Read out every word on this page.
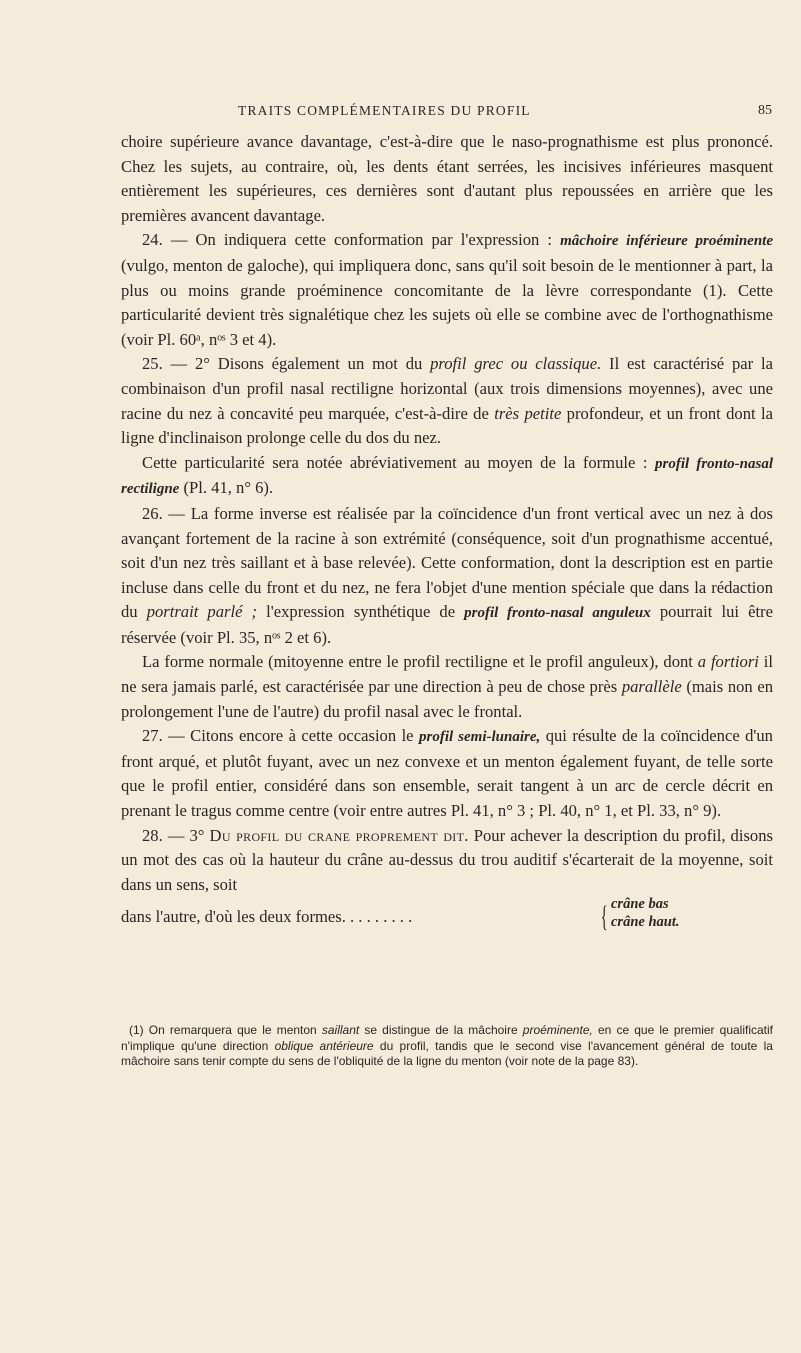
TRAITS COMPLÉMENTAIRES DU PROFIL	85

choire supérieure avance davantage, c'est-à-dire que le naso-prognathisme est plus prononcé. Chez les sujets, au contraire, où, les dents étant serrées, les incisives inférieures masquent entièrement les supérieures, ces dernières sont d'autant plus repoussées en arrière que les premières avancent davantage.

24. — On indiquera cette conformation par l'expression : mâchoire inférieure proéminente (vulgo, menton de galoche), qui impliquera donc, sans qu'il soit besoin de le mentionner à part, la plus ou moins grande proéminence concomitante de la lèvre correspondante (1). Cette particularité devient très signalétique chez les sujets où elle se combine avec de l'orthognathisme (voir Pl. 60ᵃ, nᵒˢ 3 et 4).

25. — 2° Disons également un mot du profil grec ou classique. Il est caractérisé par la combinaison d'un profil nasal rectiligne horizontal (aux trois dimensions moyennes), avec une racine du nez à concavité peu marquée, c'est-à-dire de très petite profondeur, et un front dont la ligne d'inclinaison prolonge celle du dos du nez.

Cette particularité sera notée abréviativement au moyen de la formule : profil fronto-nasal rectiligne (Pl. 41, n° 6).

26. — La forme inverse est réalisée par la coïncidence d'un front vertical avec un nez à dos avançant fortement de la racine à son extrémité (conséquence, soit d'un prognathisme accentué, soit d'un nez très saillant et à base relevée). Cette conformation, dont la description est en partie incluse dans celle du front et du nez, ne fera l'objet d'une mention spéciale que dans la rédaction du portrait parlé ; l'expression synthétique de profil fronto-nasal anguleux pourrait lui être réservée (voir Pl. 35, nᵒˢ 2 et 6).

La forme normale (mitoyenne entre le profil rectiligne et le profil anguleux), dont a fortiori il ne sera jamais parlé, est caractérisée par une direction à peu de chose près parallèle (mais non en prolongement l'une de l'autre) du profil nasal avec le frontal.

27. — Citons encore à cette occasion le profil semi-lunaire, qui résulte de la coïncidence d'un front arqué, et plutôt fuyant, avec un nez convexe et un menton également fuyant, de telle sorte que le profil entier, considéré dans son ensemble, serait tangent à un arc de cercle décrit en prenant le tragus comme centre (voir entre autres Pl. 41, n° 3 ; Pl. 40, n° 1, et Pl. 33, n° 9).

28. — 3° Du profil du crane proprement dit. Pour achever la description du profil, disons un mot des cas où la hauteur du crâne au-dessus du trou auditif s'écarterait de la moyenne, soit dans un sens, soit

dans l'autre, d'où les deux formes. . . . . . . . .	{ crâne bas
crâne haut.

(1) On remarquera que le menton saillant se distingue de la mâchoire proéminente, en ce que le premier qualificatif n'implique qu'une direction oblique antérieure du profil, tandis que le second vise l'avancement général de toute la mâchoire sans tenir compte du sens de l'obliquité de la ligne du menton (voir note de la page 83).
